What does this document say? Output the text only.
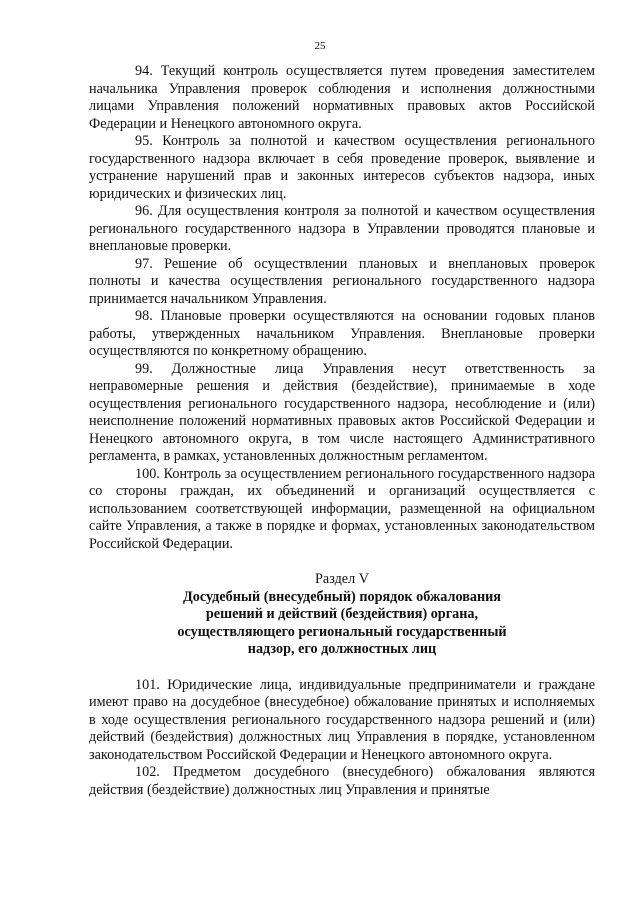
25

94. Текущий контроль осуществляется путем проведения заместителем начальника Управления проверок соблюдения и исполнения должностными лицами Управления положений нормативных правовых актов Российской Федерации и Ненецкого автономного округа.

95. Контроль за полнотой и качеством осуществления регионального государственного надзора включает в себя проведение проверок, выявление и устранение нарушений прав и законных интересов субъектов надзора, иных юридических и физических лиц.

96. Для осуществления контроля за полнотой и качеством осуществления регионального государственного надзора в Управлении проводятся плановые и внеплановые проверки.

97. Решение об осуществлении плановых и внеплановых проверок полноты и качества осуществления регионального государственного надзора принимается начальником Управления.

98. Плановые проверки осуществляются на основании годовых планов работы, утвержденных начальником Управления. Внеплановые проверки осуществляются по конкретному обращению.

99. Должностные лица Управления несут ответственность за неправомерные решения и действия (бездействие), принимаемые в ходе осуществления регионального государственного надзора, несоблюдение и (или) неисполнение положений нормативных правовых актов Российской Федерации и Ненецкого автономного округа, в том числе настоящего Административного регламента, в рамках, установленных должностным регламентом.

100. Контроль за осуществлением регионального государственного надзора со стороны граждан, их объединений и организаций осуществляется с использованием соответствующей информации, размещенной на официальном сайте Управления, а также в порядке и формах, установленных законодательством Российской Федерации.

Раздел V

Досудебный (внесудебный) порядок обжалования
решений и действий (бездействия) органа,
осуществляющего региональный государственный
надзор, его должностных лиц

101. Юридические лица, индивидуальные предприниматели и граждане имеют право на досудебное (внесудебное) обжалование принятых и исполняемых в ходе осуществления регионального государственного надзора решений и (или) действий (бездействия) должностных лиц Управления в порядке, установленном законодательством Российской Федерации и Ненецкого автономного округа.

102. Предметом досудебного (внесудебного) обжалования являются действия (бездействие) должностных лиц Управления и принятые
